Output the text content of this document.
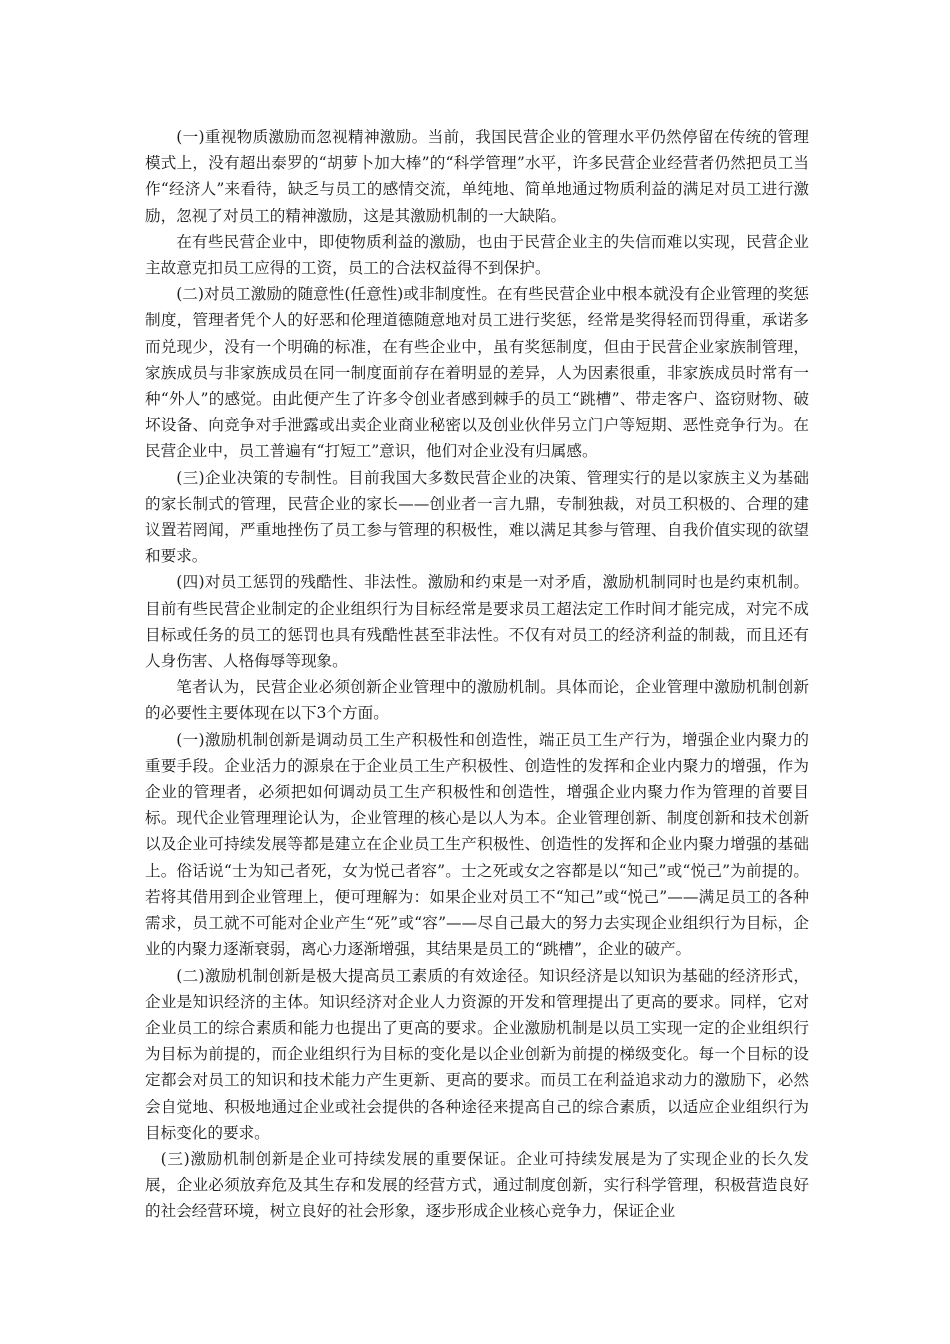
(一)重视物质激励而忽视精神激励。当前，我国民营企业的管理水平仍然停留在传统的管理模式上，没有超出泰罗的“胡萝卜加大棒”的“科学管理”水平，许多民营企业经营者仍然把员工当作“经济人”来看待，缺乏与员工的感情交流，单纯地、简单地通过物质利益的满足对员工进行激励，忽视了对员工的精神激励，这是其激励机制的一大缺陷。

在有些民营企业中，即使物质利益的激励，也由于民营企业主的失信而难以实现，民营企业主故意克扣员工应得的工资，员工的合法权益得不到保护。

(二)对员工激励的随意性(任意性)或非制度性。在有些民营企业中根本就没有企业管理的奖惩制度，管理者凭个人的好恶和伦理道德随意地对员工进行奖惩，经常是奖得轻而罚得重，承诺多而兑现少，没有一个明确的标准，在有些企业中，虽有奖惩制度，但由于民营企业家族制管理，家族成员与非家族成员在同一制度面前存在着明显的差异，人为因素很重，非家族成员时常有一种“外人”的感觉。由此便产生了许多令创业者感到棘手的员工“跳槽”、带走客户、盗窃财物、破坏设备、向竞争对手泄露或出卖企业商业秘密以及创业伙伴另立门户等短期、恶性竞争行为。在民营企业中，员工普遍有“打短工”意识，他们对企业没有归属感。

(三)企业决策的专制性。目前我国大多数民营企业的决策、管理实行的是以家族主义为基础的家长制式的管理，民营企业的家长——创业者一言九鼎，专制独裁，对员工积极的、合理的建议置若罔闻，严重地挫伤了员工参与管理的积极性，难以满足其参与管理、自我价值实现的欲望和要求。

(四)对员工惩罚的残酷性、非法性。激励和约束是一对矛盾，激励机制同时也是约束机制。目前有些民营企业制定的企业组织行为目标经常是要求员工超法定工作时间才能完成，对完不成目标或任务的员工的惩罚也具有残酷性甚至非法性。不仅有对员工的经济利益的制裁，而且还有人身伤害、人格侮辱等现象。

笔者认为，民营企业必须创新企业管理中的激励机制。具体而论，企业管理中激励机制创新的必要性主要体现在以下3个方面。

(一)激励机制创新是调动员工生产积极性和创造性，端正员工生产行为，增强企业内聚力的重要手段。企业活力的源泉在于企业员工生产积极性、创造性的发挥和企业内聚力的增强，作为企业的管理者，必须把如何调动员工生产积极性和创造性，增强企业内聚力作为管理的首要目标。现代企业管理理论认为，企业管理的核心是以人为本。企业管理创新、制度创新和技术创新以及企业可持续发展等都是建立在企业员工生产积极性、创造性的发挥和企业内聚力增强的基础上。俗话说“士为知己者死，女为悦己者容”。士之死或女之容都是以“知己”或“悦己”为前提的。若将其借用到企业管理上，便可理解为：如果企业对员工不“知己”或“悦己”——满足员工的各种需求，员工就不可能对企业产生“死”或“容”——尽自己最大的努力去实现企业组织行为目标，企业的内聚力逐渐衰弱，离心力逐渐增强，其结果是员工的“跳槽”，企业的破产。

(二)激励机制创新是极大提高员工素质的有效途径。知识经济是以知识为基础的经济形式，企业是知识经济的主体。知识经济对企业人力资源的开发和管理提出了更高的要求。同样，它对企业员工的综合素质和能力也提出了更高的要求。企业激励机制是以员工实现一定的企业组织行为目标为前提的，而企业组织行为目标的变化是以企业创新为前提的梯级变化。每一个目标的设定都会对员工的知识和技术能力产生更新、更高的要求。而员工在利益追求动力的激励下，必然会自觉地、积极地通过企业或社会提供的各种途径来提高自己的综合素质，以适应企业组织行为目标变化的要求。

(三)激励机制创新是企业可持续发展的重要保证。企业可持续发展是为了实现企业的长久发展，企业必须放弃危及其生存和发展的经营方式，通过制度创新，实行科学管理，积极营造良好的社会经营环境，树立良好的社会形象，逐步形成企业核心竞争力，保证企业
